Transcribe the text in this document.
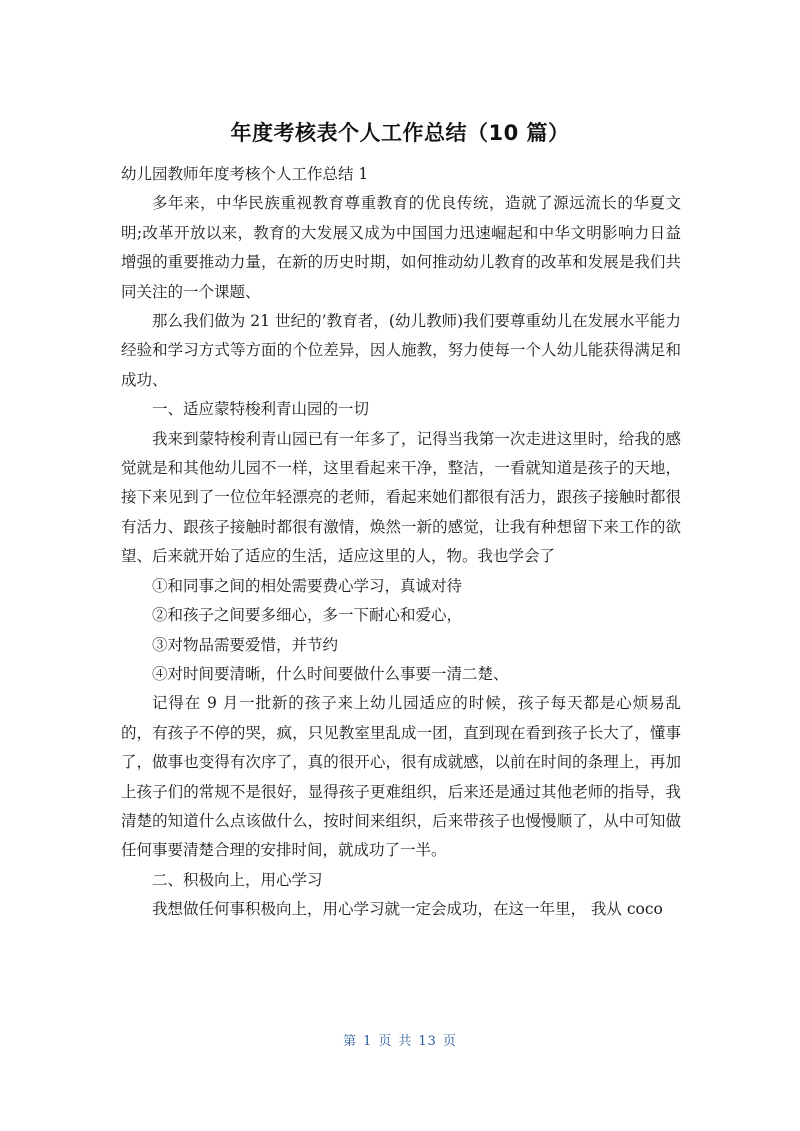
年度考核表个人工作总结（10 篇）

幼儿园教师年度考核个人工作总结 1

多年来，中华民族重视教育尊重教育的优良传统，造就了源远流长的华夏文明;改革开放以来，教育的大发展又成为中国国力迅速崛起和中华文明影响力日益增强的重要推动力量，在新的历史时期，如何推动幼儿教育的改革和发展是我们共同关注的一个课题、

那么我们做为 21 世纪的’教育者，(幼儿教师)我们要尊重幼儿在发展水平能力经验和学习方式等方面的个位差异，因人施教，努力使每一个人幼儿能获得满足和成功、

一、适应蒙特梭利青山园的一切

我来到蒙特梭利青山园已有一年多了，记得当我第一次走进这里时，给我的感觉就是和其他幼儿园不一样，这里看起来干净，整洁，一看就知道是孩子的天地，接下来见到了一位位年轻漂亮的老师，看起来她们都很有活力，跟孩子接触时都很有活力、跟孩子接触时都很有激情，焕然一新的感觉，让我有种想留下来工作的欲望、后来就开始了适应的生活，适应这里的人，物。我也学会了

①和同事之间的相处需要费心学习，真诚对待

②和孩子之间要多细心，多一下耐心和爱心，

③对物品需要爱惜，并节约

④对时间要清晰，什么时间要做什么事要一清二楚、

记得在 9 月一批新的孩子来上幼儿园适应的时候，孩子每天都是心烦易乱的，有孩子不停的哭，疯，只见教室里乱成一团，直到现在看到孩子长大了，懂事了，做事也变得有次序了，真的很开心，很有成就感，以前在时间的条理上，再加上孩子们的常规不是很好，显得孩子更难组织，后来还是通过其他老师的指导，我清楚的知道什么点该做什么，按时间来组织，后来带孩子也慢慢顺了，从中可知做任何事要清楚合理的安排时间，就成功了一半。

二、积极向上，用心学习

我想做任何事积极向上，用心学习就一定会成功，在这一年里， 我从 coco

第 1 页 共 13 页
